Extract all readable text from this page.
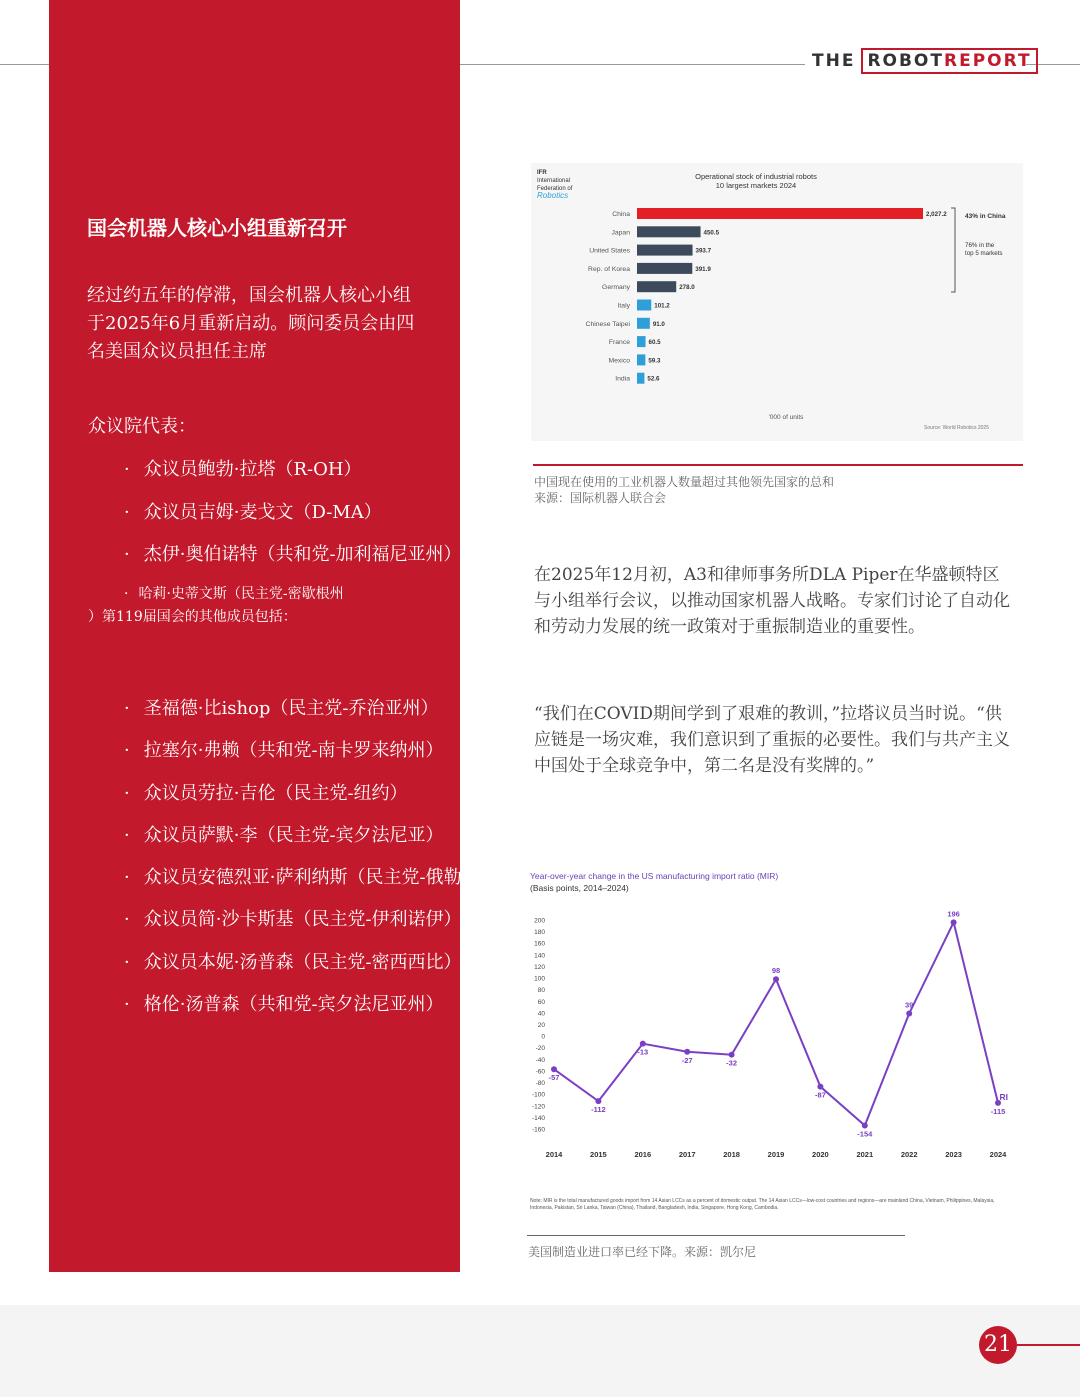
THE ROBOT REPORT
国会机器人核心小组重新召开
经过约五年的停滞，国会机器人核心小组于2025年6月重新启动。顾问委员会由四名美国众议员担任主席
众议院代表：
· 众议员鲍勃·拉塔（R-OH）
· 众议员吉姆·麦戈文（D-MA）
· 杰伊·奥伯诺特（共和党-加利福尼亚州）
· 哈莉·史蒂文斯（民主党-密歇根州
）第119届国会的其他成员包括：
· 圣福德·比ishop（民主党-乔治亚州）
· 拉塞尔·弗赖（共和党-南卡罗来纳州）
· 众议员劳拉·吉伦（民主党-纽约）
· 众议员萨默·李（民主党-宾夕法尼亚）
· 众议员安德烈亚·萨利纳斯（民主党-俄勒冈州）
· 众议员简·沙卡斯基（民主党-伊利诺伊）
· 众议员本妮·汤普森（民主党-密西西比）
· 格伦·汤普森（共和党-宾夕法尼亚州）
IFR
International
Federation of
Robotics
Operational stock of industrial robots
10 largest markets 2024
China	2,027.2
Japan	450.5
United States	393.7
Rep. of Korea	391.9
Germany	278.0
Italy	101.2
Chinese Taipei	91.0
France	60.5
Mexico	59.3
India	52.6
43% in China
76% in the
top 5 markets
'000 of units
Source: World Robotics 2025
中国现在使用的工业机器人数量超过其他领先国家的总和
来源：国际机器人联合会
在2025年12月初，A3和律师事务所DLA Piper在华盛顿特区与小组举行会议，以推动国家机器人战略。专家们讨论了自动化和劳动力发展的统一政策对于重振制造业的重要性。
“我们在COVID期间学到了艰难的教训，”拉塔议员当时说。“供应链是一场灾难，我们意识到了重振的必要性。我们与共产主义中国处于全球竞争中，第二名是没有奖牌的。”
Year-over-year change in the US manufacturing import ratio (MIR)
(Basis points, 2014–2024)
200
180
160
140
120
100
80
60
40
20
0
-20
-40
-60
-80
-100
-120
-140
-160
2014	2015	2016	2017	2018	2019	2020	2021	2022	2023	2024
-57
-112
-13
-27	-32
98
-87
-154
39
196
-115
RI
Note: MIR is the total manufactured goods import from 14 Asian LCCs as a percent of domestic output. The 14 Asian LCCs—low-cost countries and regions—are mainland China, Vietnam, Philippines, Malaysia, Indonesia, Pakistan, Sri Lanka, Taiwan (China), Thailand, Bangladesh, India, Singapore, Hong Kong, Cambodia.
美国制造业进口率已经下降。来源：凯尔尼
21
